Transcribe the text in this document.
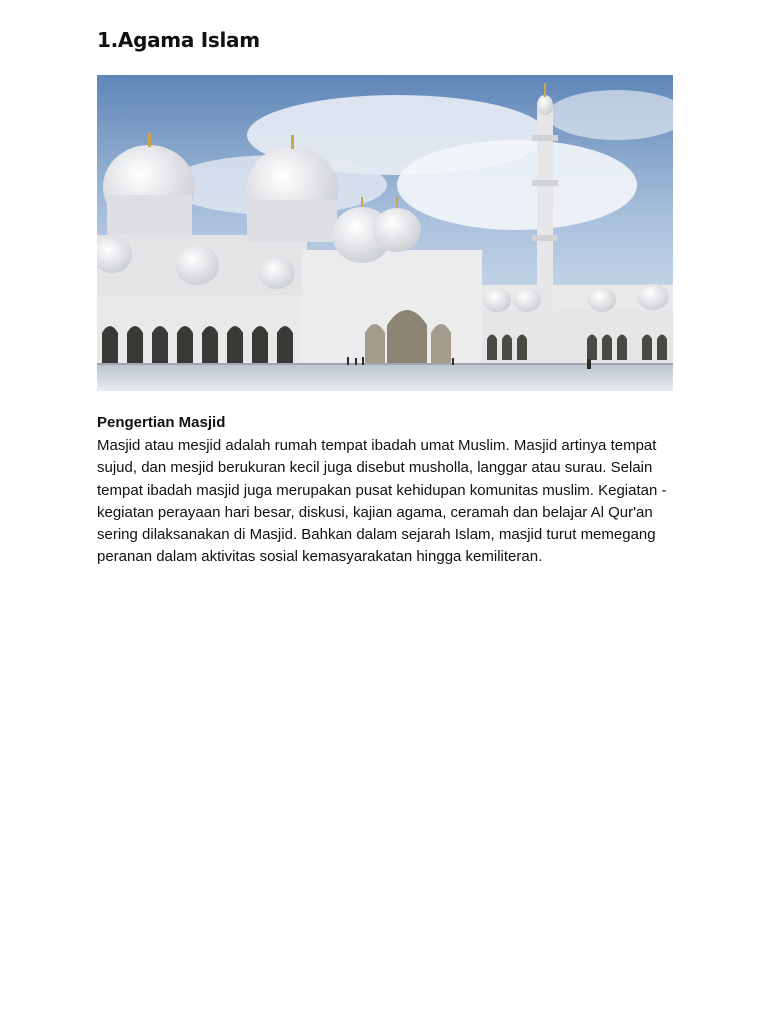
1.Agama Islam
Pengertian Masjid
Masjid atau mesjid adalah rumah tempat ibadah umat Muslim. Masjid artinya tempat
sujud, dan mesjid berukuran kecil juga disebut musholla, langgar atau surau. Selain
tempat ibadah masjid juga merupakan pusat kehidupan komunitas muslim. Kegiatan -
kegiatan perayaan hari besar, diskusi, kajian agama, ceramah dan belajar Al Qur'an
sering dilaksanakan di Masjid. Bahkan dalam sejarah Islam, masjid turut memegang
peranan dalam aktivitas sosial kemasyarakatan hingga kemiliteran.
